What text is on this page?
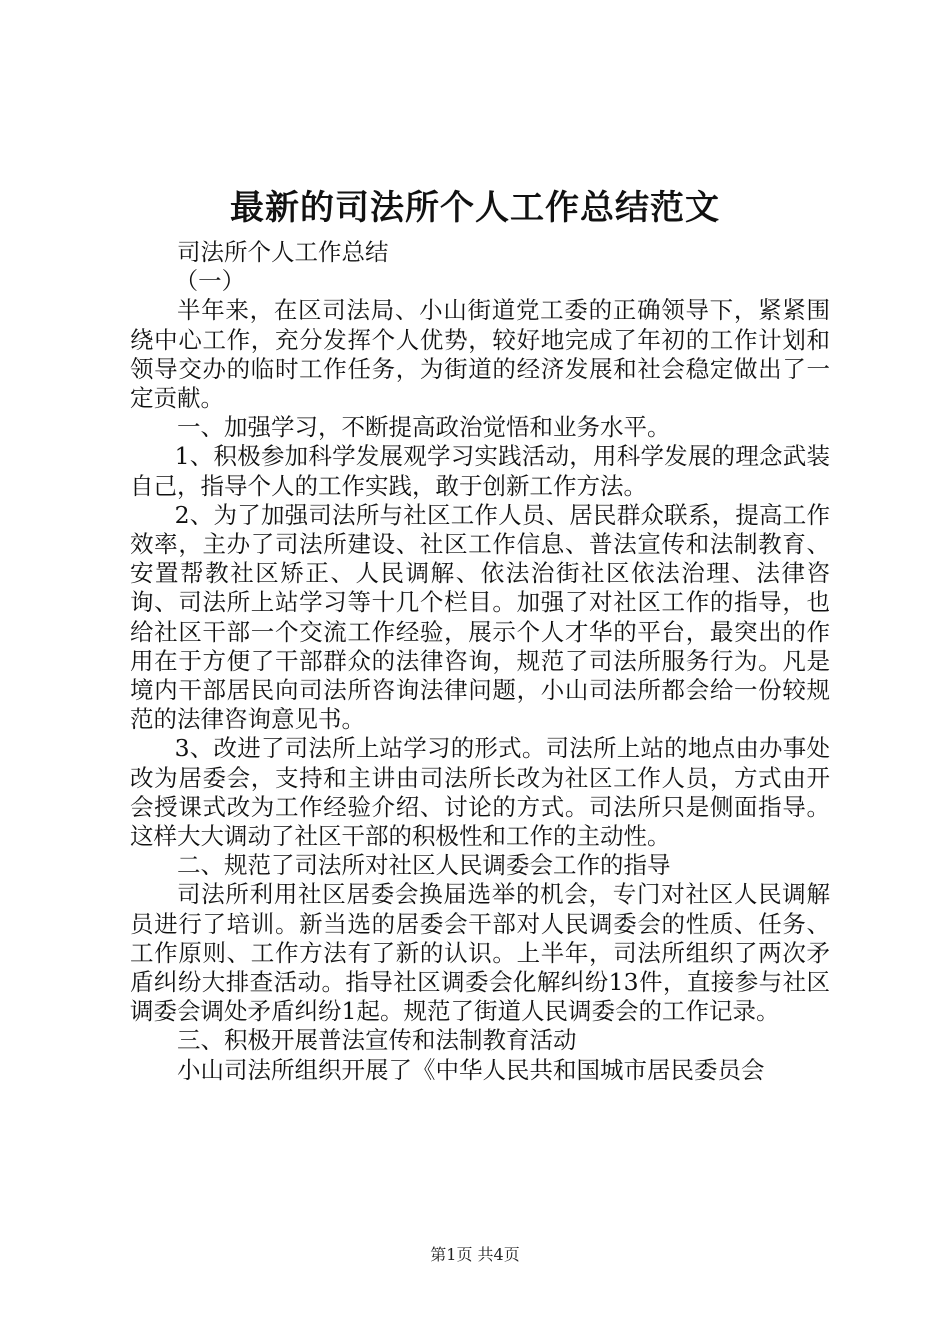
最新的司法所个人工作总结范文

司法所个人工作总结

（一）

半年来，在区司法局、小山街道党工委的正确领导下，紧紧围绕中心工作，充分发挥个人优势，较好地完成了年初的工作计划和领导交办的临时工作任务，为街道的经济发展和社会稳定做出了一定贡献。

一、加强学习，不断提高政治觉悟和业务水平。

1、积极参加科学发展观学习实践活动，用科学发展的理念武装自己，指导个人的工作实践，敢于创新工作方法。

2、为了加强司法所与社区工作人员、居民群众联系，提高工作效率，主办了司法所建设、社区工作信息、普法宣传和法制教育、安置帮教社区矫正、人民调解、依法治街社区依法治理、法律咨询、司法所上站学习等十几个栏目。加强了对社区工作的指导，也给社区干部一个交流工作经验，展示个人才华的平台，最突出的作用在于方便了干部群众的法律咨询，规范了司法所服务行为。凡是境内干部居民向司法所咨询法律问题，小山司法所都会给一份较规范的法律咨询意见书。

3、改进了司法所上站学习的形式。司法所上站的地点由办事处改为居委会，支持和主讲由司法所长改为社区工作人员，方式由开会授课式改为工作经验介绍、讨论的方式。司法所只是侧面指导。这样大大调动了社区干部的积极性和工作的主动性。

二、规范了司法所对社区人民调委会工作的指导

司法所利用社区居委会换届选举的机会，专门对社区人民调解员进行了培训。新当选的居委会干部对人民调委会的性质、任务、工作原则、工作方法有了新的认识。上半年，司法所组织了两次矛盾纠纷大排查活动。指导社区调委会化解纠纷13件，直接参与社区调委会调处矛盾纠纷1起。规范了街道人民调委会的工作记录。

三、积极开展普法宣传和法制教育活动

小山司法所组织开展了《中华人民共和国城市居民委员会

第1页 共4页
